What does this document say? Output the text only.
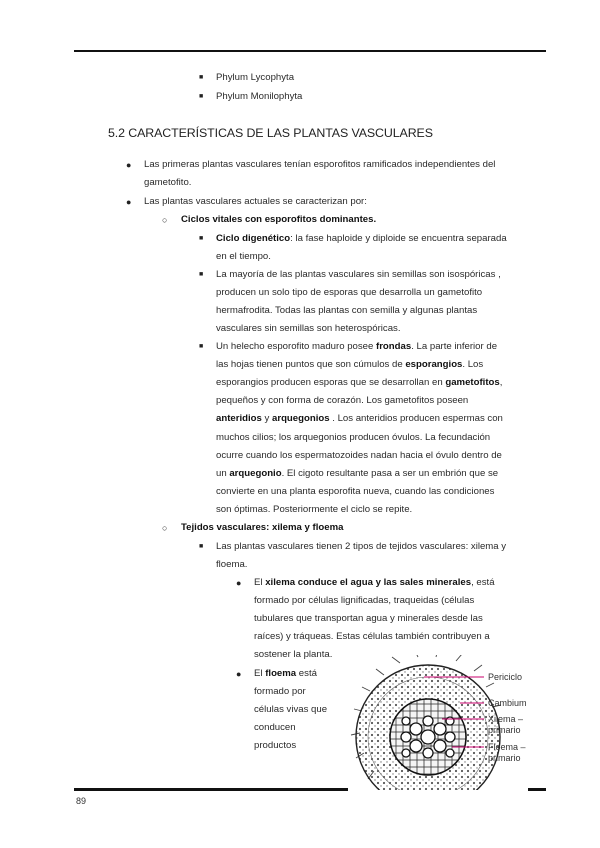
■ Phylum Lycophyta
■ Phylum Monilophyta
5.2 CARACTERÍSTICAS DE LAS PLANTAS VASCULARES
● Las primeras plantas vasculares tenían esporofitos ramificados independientes del
gametofito.
● Las plantas vasculares actuales se caracterizan por:
○ Ciclos vitales con esporofitos dominantes.
■ Ciclo digenético: la fase haploide y diploide se encuentra separada
en el tiempo.
■ La mayoría de las plantas vasculares sin semillas son isospóricas ,
producen un solo tipo de esporas que desarrolla un gametofito
hermafrodita. Todas las plantas con semilla y algunas plantas
vasculares sin semillas son heterospóricas.
■ Un helecho esporofito maduro posee frondas. La parte inferior de
las hojas tienen puntos que son cúmulos de esporangios. Los
esporangios producen esporas que se desarrollan en gametofitos,
pequeños y con forma de corazón. Los gametofitos poseen
anteridios y arquegonios . Los anteridios producen espermas con
muchos cilios; los arquegonios producen óvulos. La fecundación
ocurre cuando los espermatozoides nadan hacia el óvulo dentro de
un arquegonio. El cigoto resultante pasa a ser un embrión que se
convierte en una planta esporofita nueva, cuando las condiciones
son óptimas. Posteriormente el ciclo se repite.
○ Tejidos vasculares: xilema y floema
■ Las plantas vasculares tienen 2 tipos de tejidos vasculares: xilema y
floema.
● El xilema conduce el agua y las sales minerales, está
formado por células lignificadas, traqueidas (células
tubulares que transportan agua y minerales desde las
raíces) y tráqueas. Estas células también contribuyen a
sostener la planta.
● El floema está
formado por
células vivas que
conducen
productos
Periciclo
Cambium
Xilema –
primario
Floema –
primario
89
